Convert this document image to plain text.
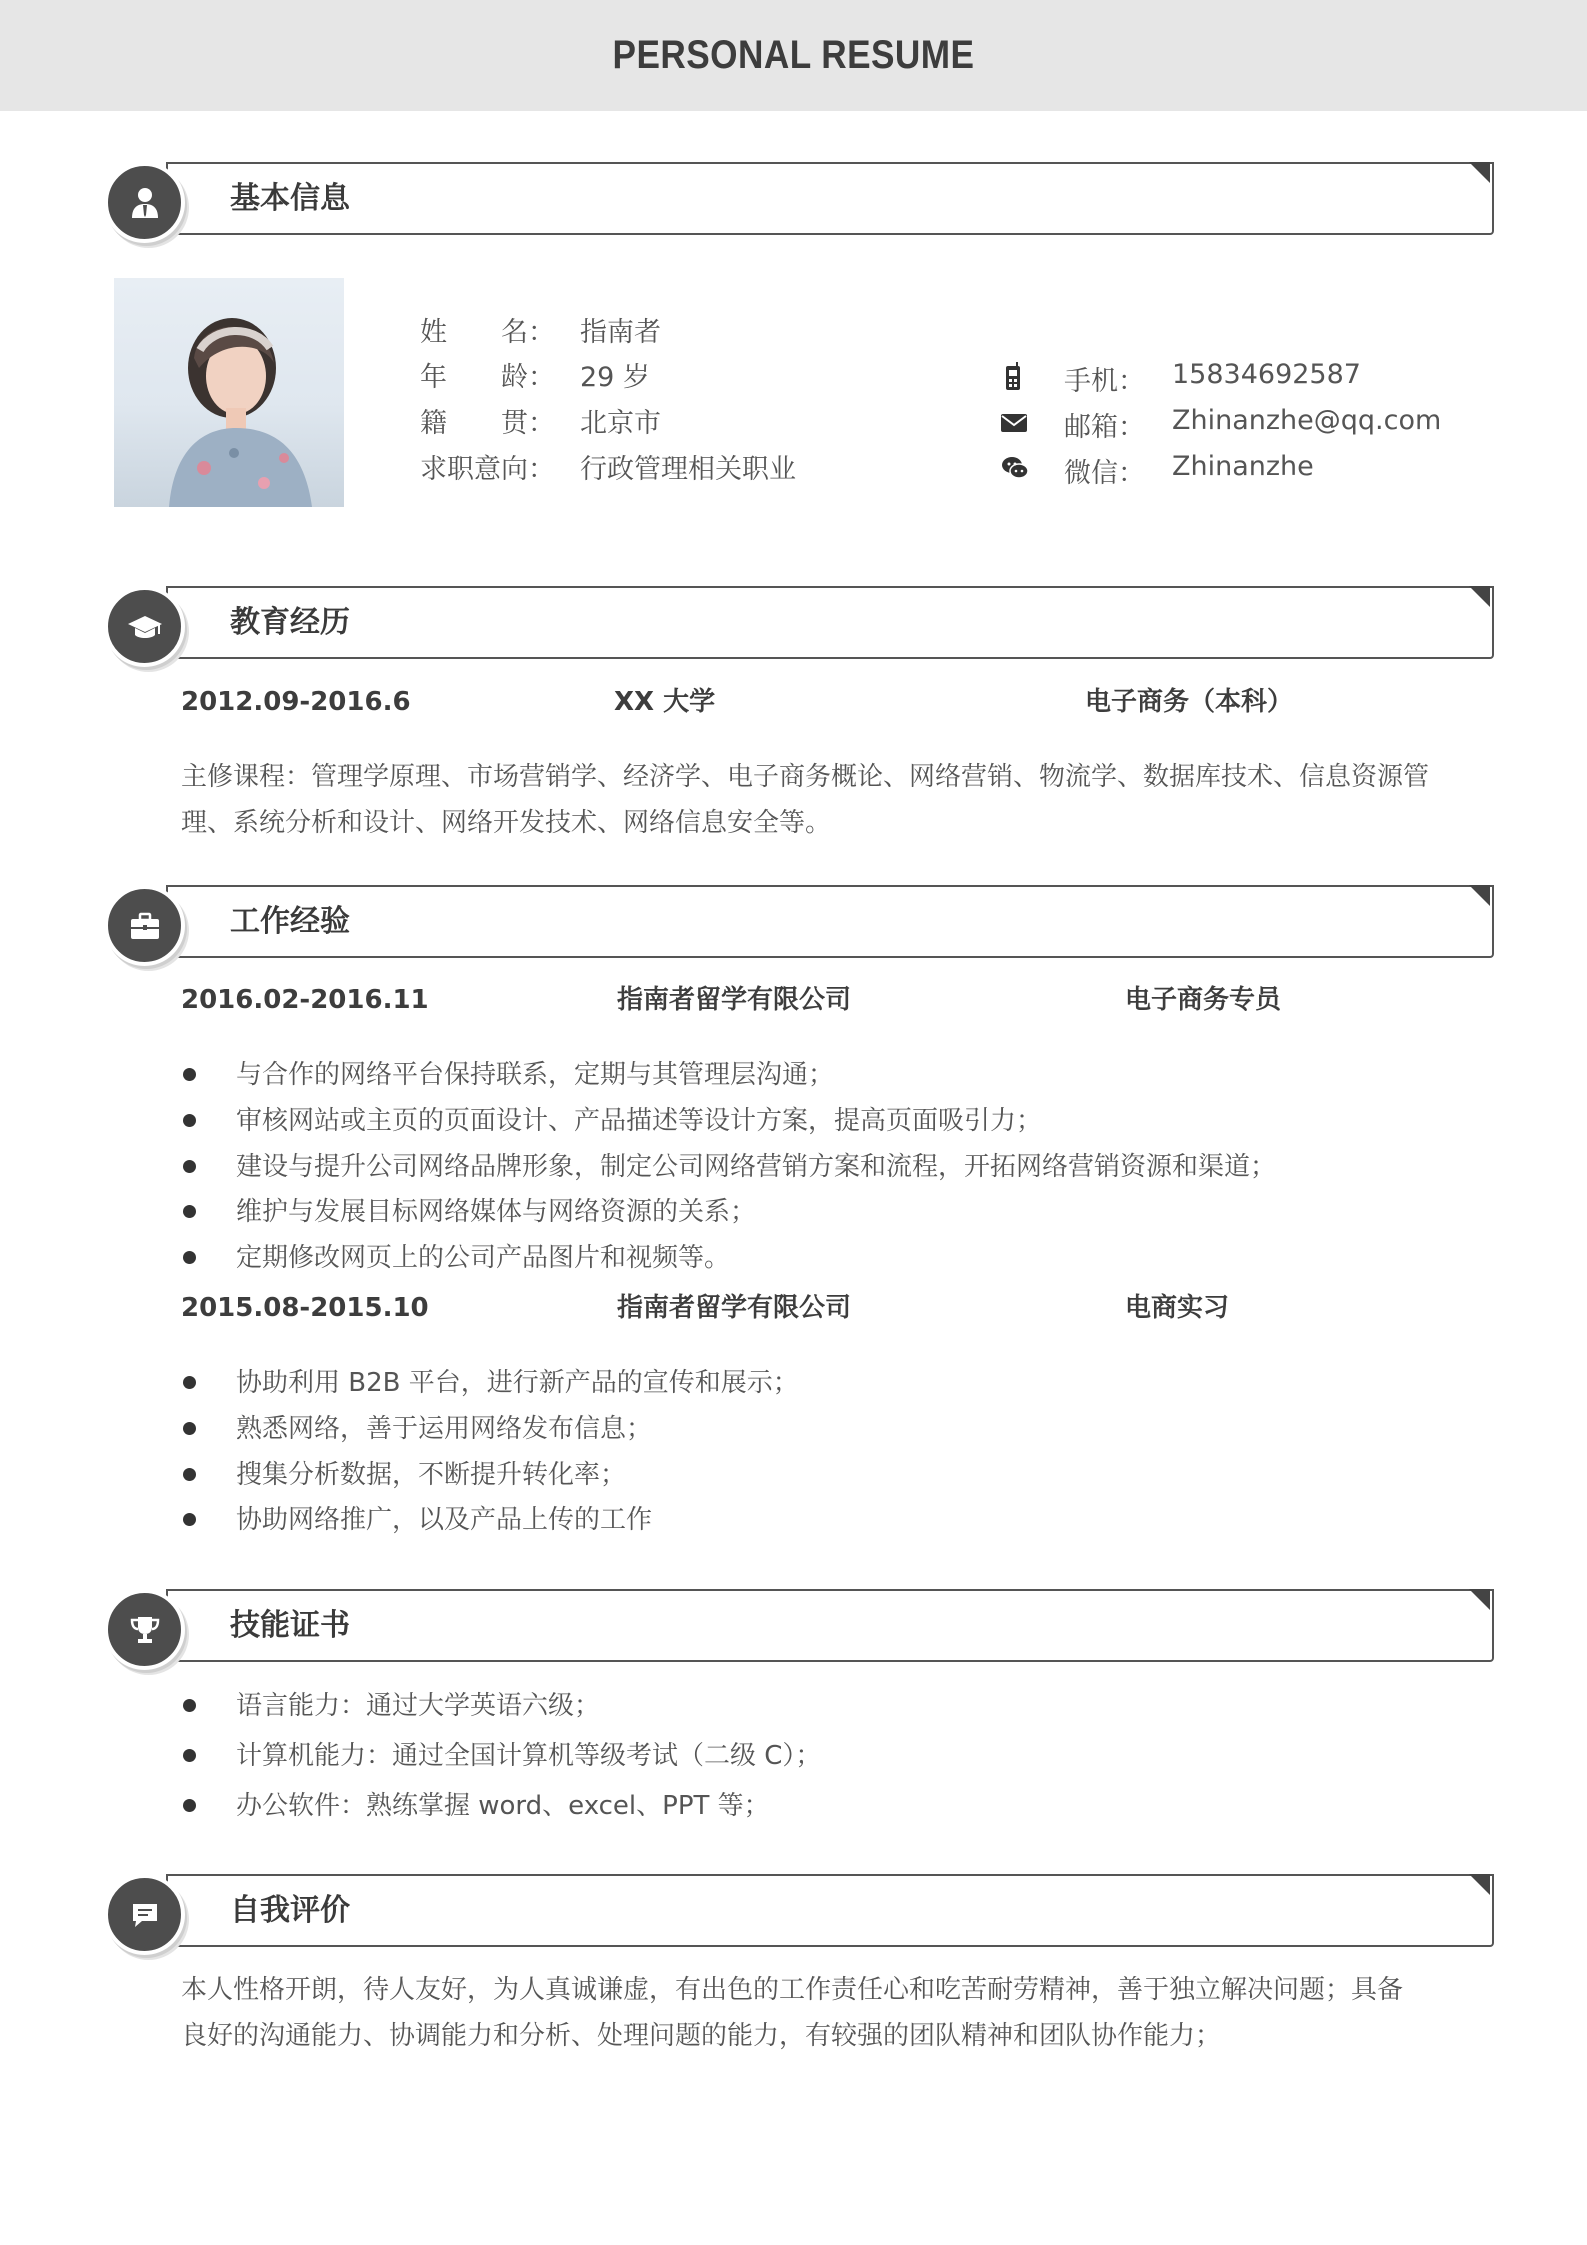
PERSONAL RESUME
基本信息
姓　　名： 指南者
年　　龄： 29 岁
籍　　贯： 北京市
求职意向： 行政管理相关职业
手机： 15834692587
邮箱： Zhinanzhe@qq.com
微信： Zhinanzhe
教育经历
2012.09-2016.6	XX 大学	电子商务（本科）
主修课程：管理学原理、市场营销学、经济学、电子商务概论、网络营销、物流学、数据库技术、信息资源管
理、系统分析和设计、网络开发技术、网络信息安全等。
工作经验
2016.02-2016.11	指南者留学有限公司	电子商务专员
与合作的网络平台保持联系，定期与其管理层沟通；
审核网站或主页的页面设计、产品描述等设计方案，提高页面吸引力；
建设与提升公司网络品牌形象，制定公司网络营销方案和流程，开拓网络营销资源和渠道；
维护与发展目标网络媒体与网络资源的关系；
定期修改网页上的公司产品图片和视频等。
2015.08-2015.10	指南者留学有限公司	电商实习
协助利用 B2B 平台，进行新产品的宣传和展示；
熟悉网络，善于运用网络发布信息；
搜集分析数据，不断提升转化率；
协助网络推广，以及产品上传的工作
技能证书
语言能力：通过大学英语六级；
计算机能力：通过全国计算机等级考试（二级 C）；
办公软件：熟练掌握 word、excel、PPT 等；
自我评价
本人性格开朗，待人友好，为人真诚谦虚，有出色的工作责任心和吃苦耐劳精神，善于独立解决问题；具备
良好的沟通能力、协调能力和分析、处理问题的能力，有较强的团队精神和团队协作能力；
